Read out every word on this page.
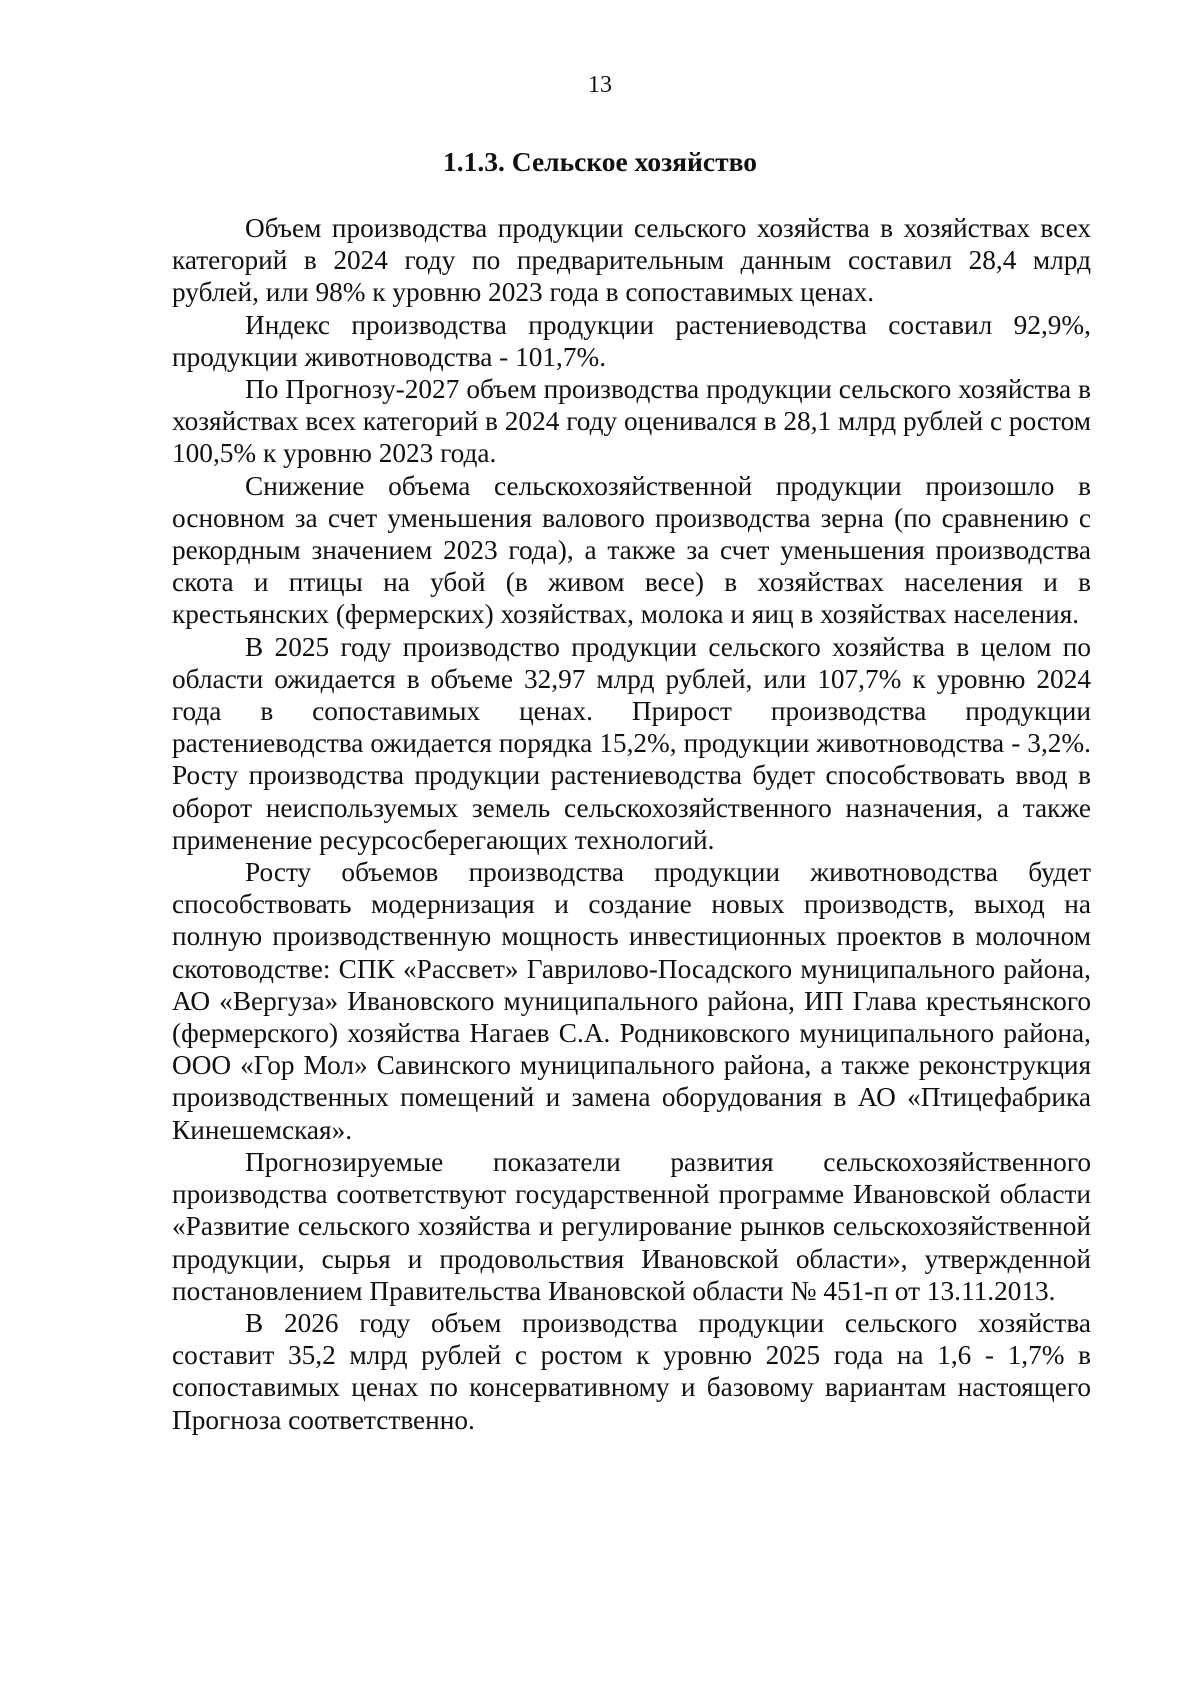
13
1.1.3. Сельское хозяйство

Объем производства продукции сельского хозяйства в хозяйствах всех категорий в 2024 году по предварительным данным составил 28,4 млрд рублей, или 98% к уровню 2023 года в сопоставимых ценах.

Индекс производства продукции растениеводства составил 92,9%, продукции животноводства - 101,7%.

По Прогнозу-2027 объем производства продукции сельского хозяйства в хозяйствах всех категорий в 2024 году оценивался в 28,1 млрд рублей с ростом 100,5% к уровню 2023 года.

Снижение объема сельскохозяйственной продукции произошло в основном за счет уменьшения валового производства зерна (по сравнению с рекордным значением 2023 года), а также за счет уменьшения производства скота и птицы на убой (в живом весе) в хозяйствах населения и в крестьянских (фермерских) хозяйствах, молока и яиц в хозяйствах населения.

В 2025 году производство продукции сельского хозяйства в целом по области ожидается в объеме 32,97 млрд рублей, или 107,7% к уровню 2024 года в сопоставимых ценах. Прирост производства продукции растениеводства ожидается порядка 15,2%, продукции животноводства - 3,2%. Росту производства продукции растениеводства будет способствовать ввод в оборот неиспользуемых земель сельскохозяйственного назначения, а также применение ресурсосберегающих технологий.

Росту объемов производства продукции животноводства будет способствовать модернизация и создание новых производств, выход на полную производственную мощность инвестиционных проектов в молочном скотоводстве: СПК «Рассвет» Гаврилово-Посадского муниципального района, АО «Вергуза» Ивановского муниципального района, ИП Глава крестьянского (фермерского) хозяйства Нагаев С.А. Родниковского муниципального района, ООО «Гор Мол» Савинского муниципального района, а также реконструкция производственных помещений и замена оборудования в АО «Птицефабрика Кинешемская».

Прогнозируемые показатели развития сельскохозяйственного производства соответствуют государственной программе Ивановской области «Развитие сельского хозяйства и регулирование рынков сельскохозяйственной продукции, сырья и продовольствия Ивановской области», утвержденной постановлением Правительства Ивановской области № 451-п от 13.11.2013.

В 2026 году объем производства продукции сельского хозяйства составит 35,2 млрд рублей с ростом к уровню 2025 года на 1,6 - 1,7% в сопоставимых ценах по консервативному и базовому вариантам настоящего Прогноза соответственно.
